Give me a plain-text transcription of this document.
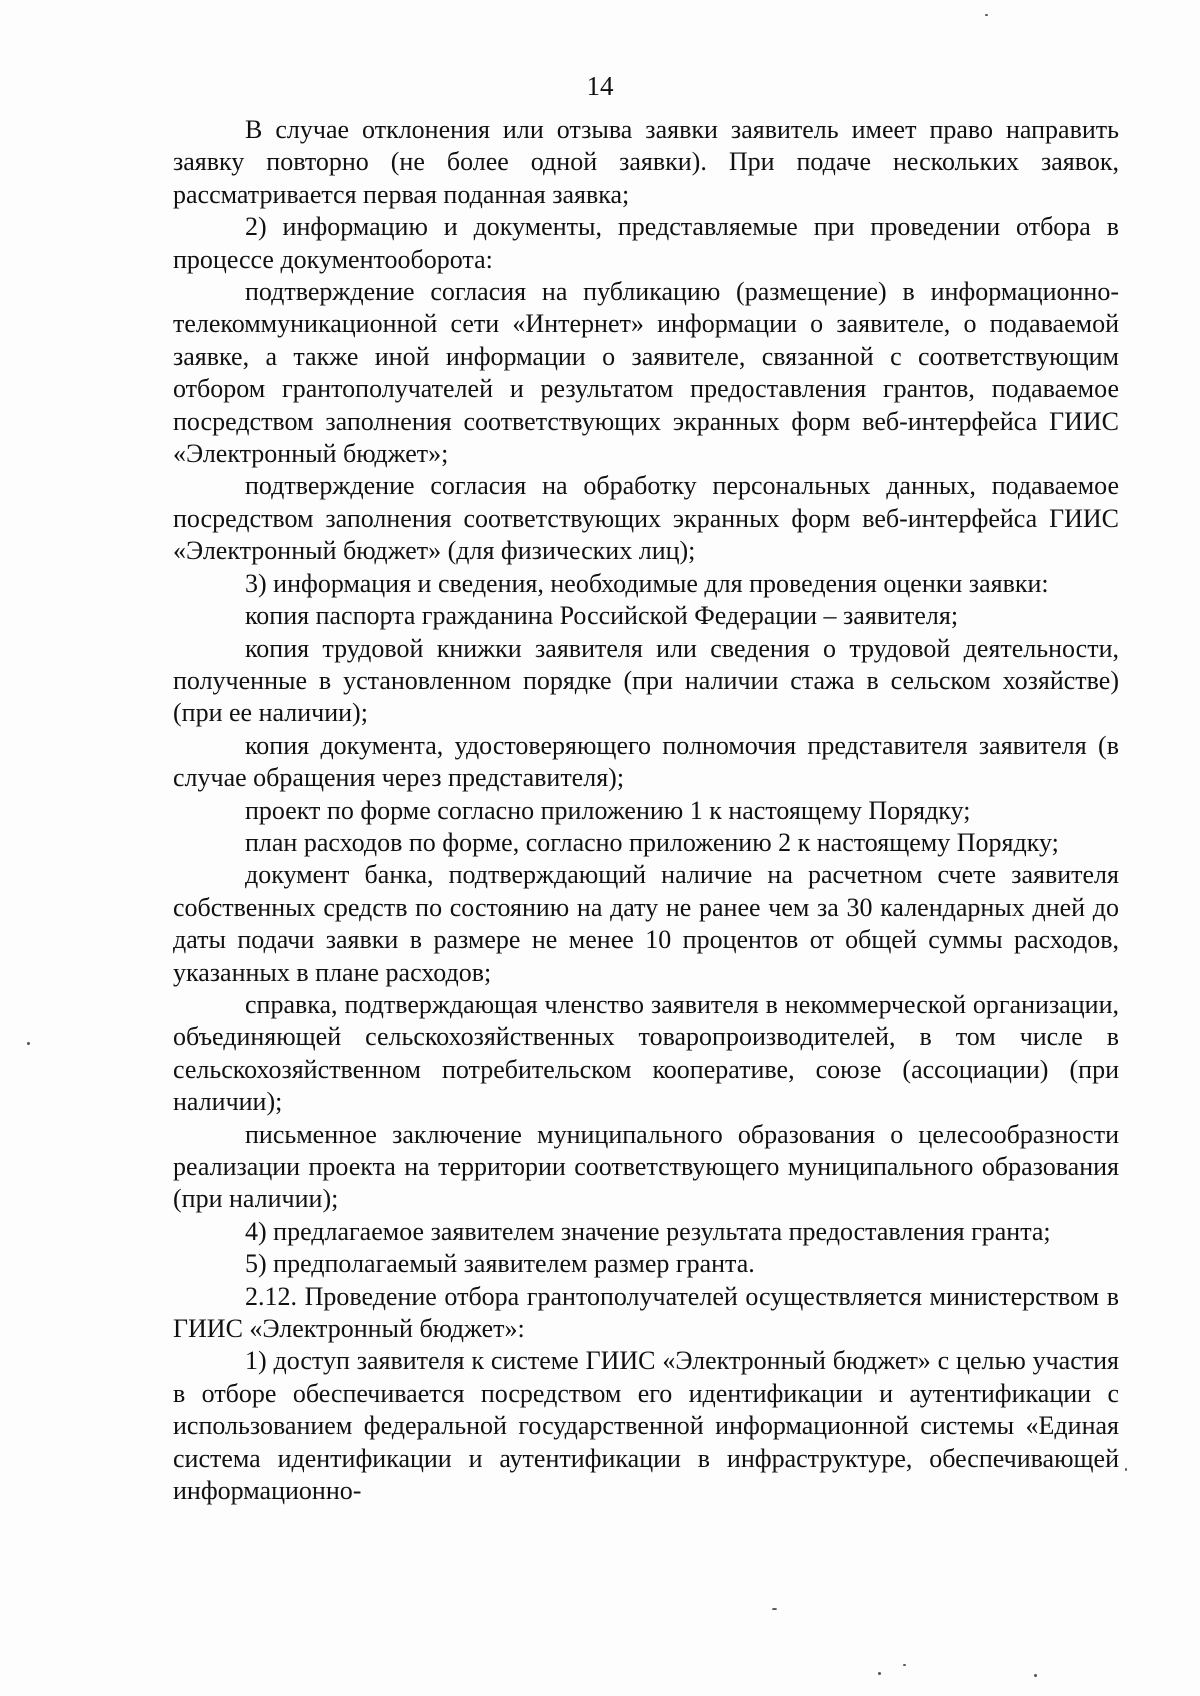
14

В случае отклонения или отзыва заявки заявитель имеет право направить заявку повторно (не более одной заявки). При подаче нескольких заявок, рассматривается первая поданная заявка;

2) информацию и документы, представляемые при проведении отбора в процессе документооборота:

подтверждение согласия на публикацию (размещение) в информационно-телекоммуникационной сети «Интернет» информации о заявителе, о подаваемой заявке, а также иной информации о заявителе, связанной с соответствующим отбором грантополучателей и результатом предоставления грантов, подаваемое посредством заполнения соответствующих экранных форм веб-интерфейса ГИИС «Электронный бюджет»;

подтверждение согласия на обработку персональных данных, подаваемое посредством заполнения соответствующих экранных форм веб-интерфейса ГИИС «Электронный бюджет» (для физических лиц);

3) информация и сведения, необходимые для проведения оценки заявки:

копия паспорта гражданина Российской Федерации – заявителя;

копия трудовой книжки заявителя или сведения о трудовой деятельности, полученные в установленном порядке (при наличии стажа в сельском хозяйстве) (при ее наличии);

копия документа, удостоверяющего полномочия представителя заявителя (в случае обращения через представителя);

проект по форме согласно приложению 1 к настоящему Порядку;

план расходов по форме, согласно приложению 2 к настоящему Порядку;

документ банка, подтверждающий наличие на расчетном счете заявителя собственных средств по состоянию на дату не ранее чем за 30 календарных дней до даты подачи заявки в размере не менее 10 процентов от общей суммы расходов, указанных в плане расходов;

справка, подтверждающая членство заявителя в некоммерческой организации, объединяющей сельскохозяйственных товаропроизводителей, в том числе в сельскохозяйственном потребительском кооперативе, союзе (ассоциации) (при наличии);

письменное заключение муниципального образования о целесообразности реализации проекта на территории соответствующего муниципального образования (при наличии);

4) предлагаемое заявителем значение результата предоставления гранта;

5) предполагаемый заявителем размер гранта.

2.12. Проведение отбора грантополучателей осуществляется министерством в ГИИС «Электронный бюджет»:

1) доступ заявителя к системе ГИИС «Электронный бюджет» с целью участия в отборе обеспечивается посредством его идентификации и аутентификации с использованием федеральной государственной информационной системы «Единая система идентификации и аутентификации в инфраструктуре, обеспечивающей информационно-
